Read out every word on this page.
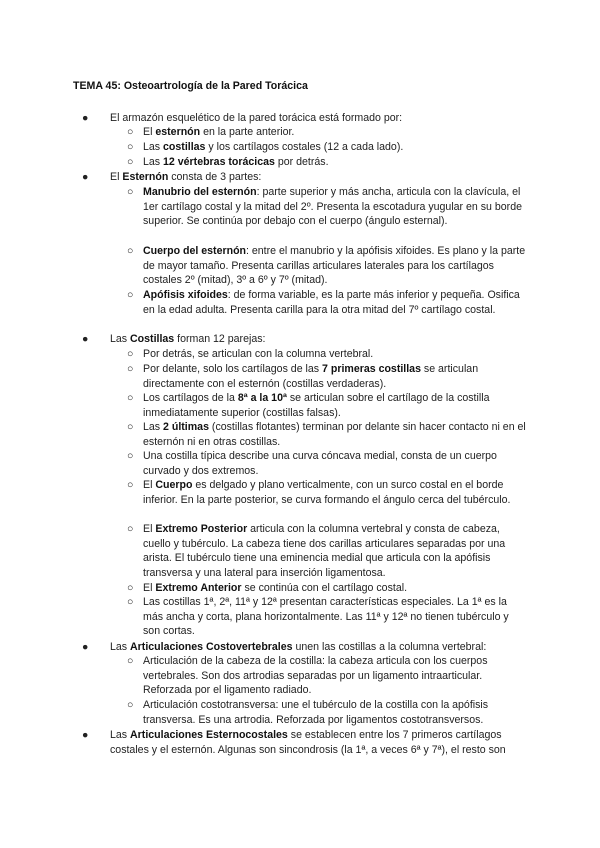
TEMA 45: Osteoartrología de la Pared Torácica
● El armazón esquelético de la pared torácica está formado por:
○ El esternón en la parte anterior.
○ Las costillas y los cartílagos costales (12 a cada lado).
○ Las 12 vértebras torácicas por detrás.
● El Esternón consta de 3 partes:
○ Manubrio del esternón: parte superior y más ancha, articula con la clavícula, el 1er cartílago costal y la mitad del 2º. Presenta la escotadura yugular en su borde superior. Se continúa por debajo con el cuerpo (ángulo esternal).
○ Cuerpo del esternón: entre el manubrio y la apófisis xifoides. Es plano y la parte de mayor tamaño. Presenta carillas articulares laterales para los cartílagos costales 2º (mitad), 3º a 6º y 7º (mitad).
○ Apófisis xifoides: de forma variable, es la parte más inferior y pequeña. Osifica en la edad adulta. Presenta carilla para la otra mitad del 7º cartílago costal.
● Las Costillas forman 12 parejas:
○ Por detrás, se articulan con la columna vertebral.
○ Por delante, solo los cartílagos de las 7 primeras costillas se articulan directamente con el esternón (costillas verdaderas).
○ Los cartílagos de la 8ª a la 10ª se articulan sobre el cartílago de la costilla inmediatamente superior (costillas falsas).
○ Las 2 últimas (costillas flotantes) terminan por delante sin hacer contacto ni en el esternón ni en otras costillas.
○ Una costilla típica describe una curva cóncava medial, consta de un cuerpo curvado y dos extremos.
○ El Cuerpo es delgado y plano verticalmente, con un surco costal en el borde inferior. En la parte posterior, se curva formando el ángulo cerca del tubérculo.
○ El Extremo Posterior articula con la columna vertebral y consta de cabeza, cuello y tubérculo. La cabeza tiene dos carillas articulares separadas por una arista. El tubérculo tiene una eminencia medial que articula con la apófisis transversa y una lateral para inserción ligamentosa.
○ El Extremo Anterior se continúa con el cartílago costal.
○ Las costillas 1ª, 2ª, 11ª y 12ª presentan características especiales. La 1ª es la más ancha y corta, plana horizontalmente. Las 11ª y 12ª no tienen tubérculo y son cortas.
● Las Articulaciones Costovertebrales unen las costillas a la columna vertebral:
○ Articulación de la cabeza de la costilla: la cabeza articula con los cuerpos vertebrales. Son dos artrodias separadas por un ligamento intraarticular. Reforzada por el ligamento radiado.
○ Articulación costotransversa: une el tubérculo de la costilla con la apófisis transversa. Es una artrodia. Reforzada por ligamentos costotransversos.
● Las Articulaciones Esternocostales se establecen entre los 7 primeros cartílagos costales y el esternón. Algunas son sincondrosis (la 1ª, a veces 6ª y 7ª), el resto son
